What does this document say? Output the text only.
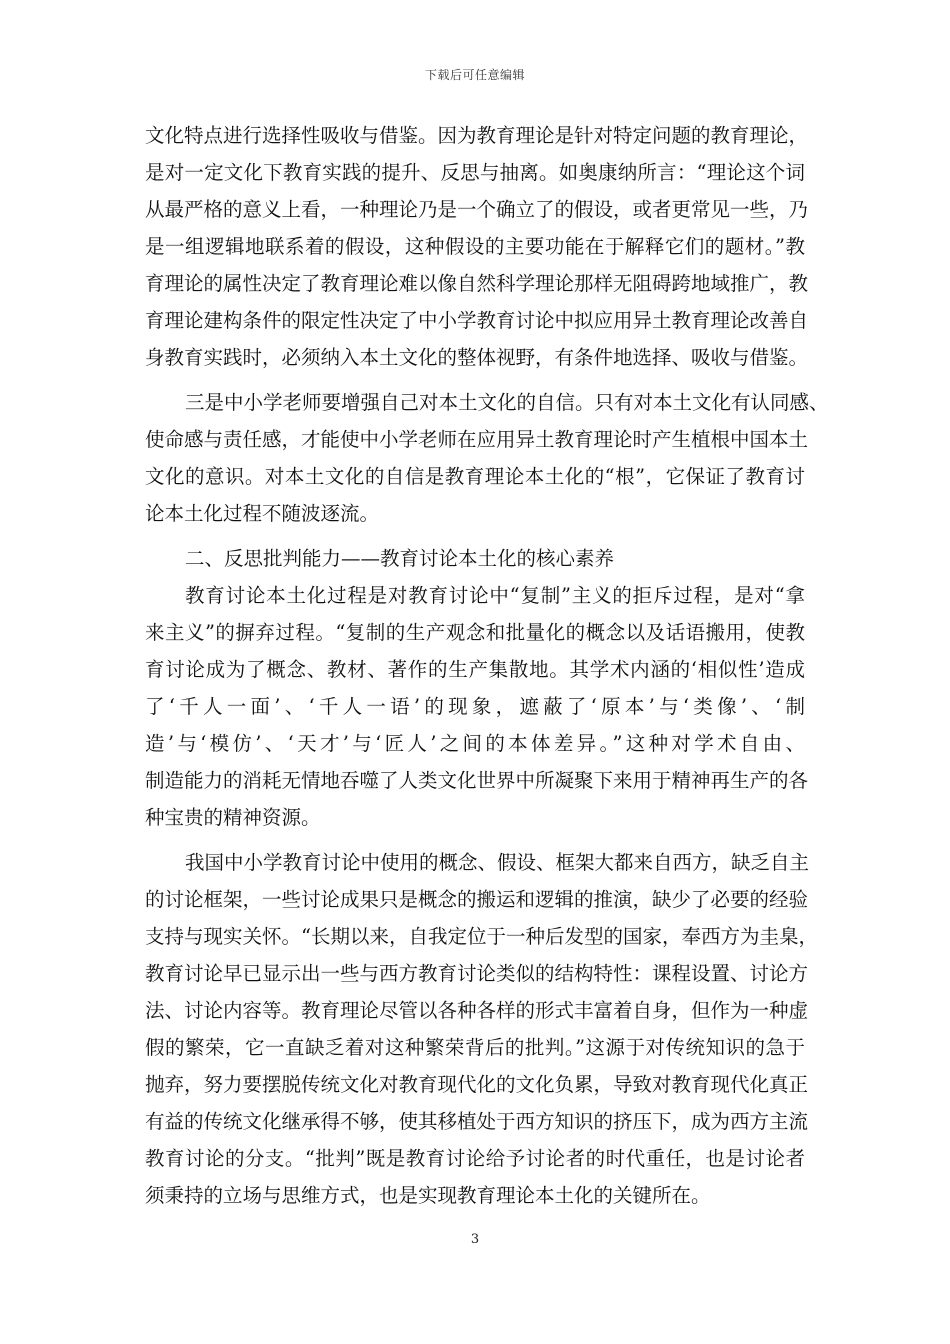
下载后可任意编辑
文化特点进行选择性吸收与借鉴。因为教育理论是针对特定问题的教育理论，
是对一定文化下教育实践的提升、反思与抽离。如奥康纳所言：“理论这个词
从最严格的意义上看，一种理论乃是一个确立了的假设，或者更常见一些，乃
是一组逻辑地联系着的假设，这种假设的主要功能在于解释它们的题材。”教
育理论的属性决定了教育理论难以像自然科学理论那样无阻碍跨地域推广，教
育理论建构条件的限定性决定了中小学教育讨论中拟应用异土教育理论改善自
身教育实践时，必须纳入本土文化的整体视野，有条件地选择、吸收与借鉴。
三是中小学老师要增强自己对本土文化的自信。只有对本土文化有认同感、
使命感与责任感，才能使中小学老师在应用异土教育理论时产生植根中国本土
文化的意识。对本土文化的自信是教育理论本土化的“根”，它保证了教育讨
论本土化过程不随波逐流。
二、反思批判能力——教育讨论本土化的核心素养
教育讨论本土化过程是对教育讨论中“复制”主义的拒斥过程，是对“拿
来主义”的摒弃过程。“复制的生产观念和批量化的概念以及话语搬用，使教
育讨论成为了概念、教材、著作的生产集散地。其学术内涵的‘相似性’造成
了‘千人一面’、‘千人一语’的现象，遮蔽了‘原本’与‘类像’、‘制
造’与‘模仿’、‘天才’与‘匠人’之间的本体差异。”这种对学术自由、
制造能力的消耗无情地吞噬了人类文化世界中所凝聚下来用于精神再生产的各
种宝贵的精神资源。
我国中小学教育讨论中使用的概念、假设、框架大都来自西方，缺乏自主
的讨论框架，一些讨论成果只是概念的搬运和逻辑的推演，缺少了必要的经验
支持与现实关怀。“长期以来，自我定位于一种后发型的国家，奉西方为圭臬，
教育讨论早已显示出一些与西方教育讨论类似的结构特性：课程设置、讨论方
法、讨论内容等。教育理论尽管以各种各样的形式丰富着自身，但作为一种虚
假的繁荣，它一直缺乏着对这种繁荣背后的批判。”这源于对传统知识的急于
抛弃，努力要摆脱传统文化对教育现代化的文化负累，导致对教育现代化真正
有益的传统文化继承得不够，使其移植处于西方知识的挤压下，成为西方主流
教育讨论的分支。“批判”既是教育讨论给予讨论者的时代重任，也是讨论者
须秉持的立场与思维方式，也是实现教育理论本土化的关键所在。
3
